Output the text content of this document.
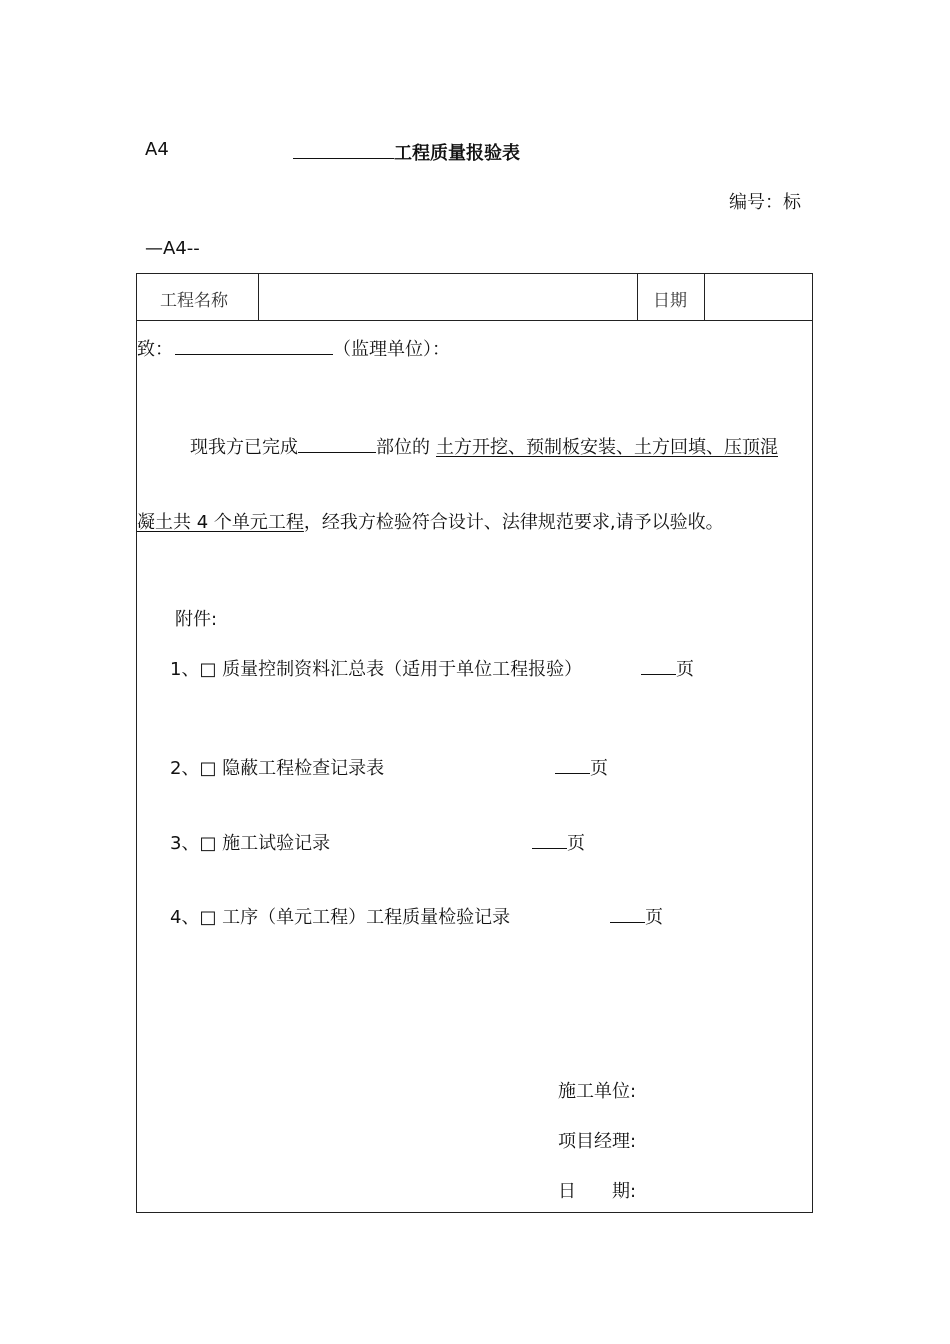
A4	工程质量报验表
编号：标
—A4--
工程名称	日期
致：	（监理单位）：
现我方已完成	部位的 土方开挖、预制板安装、土方回填、压顶混
凝土共 4 个单元工程，经我方检验符合设计、法律规范要求,请予以验收。
附件:
1、□ 质量控制资料汇总表（适用于单位工程报验）	页
2、□ 隐蔽工程检查记录表	页
3、□ 施工试验记录	页
4、□ 工序（单元工程）工程质量检验记录	页
施工单位:
项目经理:
日　　期:
